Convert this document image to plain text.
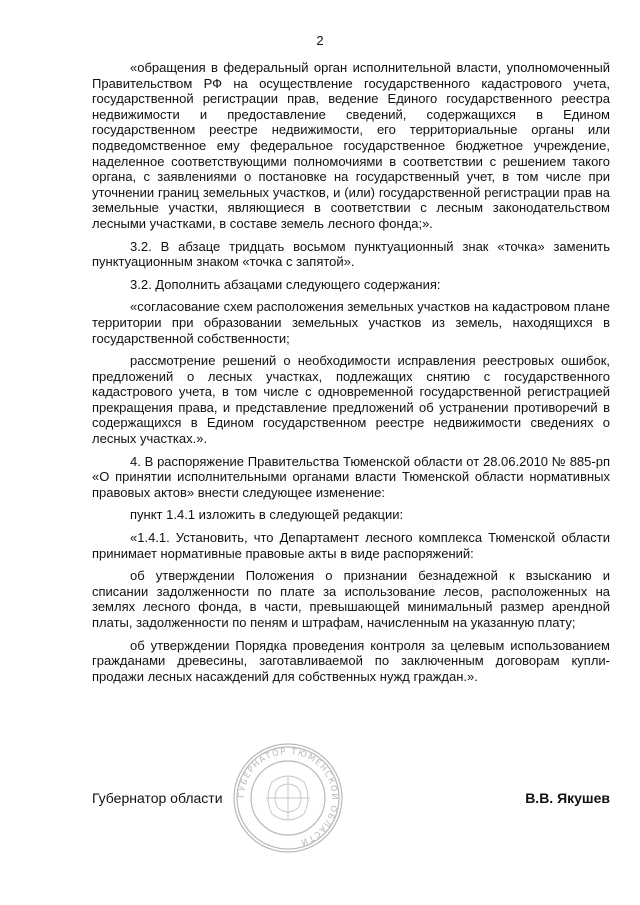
2

«обращения в федеральный орган исполнительной власти, уполномоченный Правительством РФ на осуществление государственного кадастрового учета, государственной регистрации прав, ведение Единого государственного реестра недвижимости и предоставление сведений, содержащихся в Едином государственном реестре недвижимости, его территориальные органы или подведомственное ему федеральное государственное бюджетное учреждение, наделенное соответствующими полномочиями в соответствии с решением такого органа, с заявлениями о постановке на государственный учет, в том числе при уточнении границ земельных участков, и (или) государственной регистрации прав на земельные участки, являющиеся в соответствии с лесным законодательством лесными участками, в составе земель лесного фонда;».

3.2. В абзаце тридцать восьмом пунктуационный знак «точка» заменить пунктуационным знаком «точка с запятой».

3.2. Дополнить абзацами следующего содержания:

«согласование схем расположения земельных участков на кадастровом плане территории при образовании земельных участков из земель, находящихся в государственной собственности;

рассмотрение решений о необходимости исправления реестровых ошибок, предложений о лесных участках, подлежащих снятию с государственного кадастрового учета, в том числе с одновременной государственной регистрацией прекращения права, и представление предложений об устранении противоречий в содержащихся в Едином государственном реестре недвижимости сведениях о лесных участках.».

4. В распоряжение Правительства Тюменской области от 28.06.2010 № 885-рп «О принятии исполнительными органами власти Тюменской области нормативных правовых актов» внести следующее изменение:

пункт 1.4.1 изложить в следующей редакции:

«1.4.1. Установить, что Департамент лесного комплекса Тюменской области принимает нормативные правовые акты в виде распоряжений:

об утверждении Положения о признании безнадежной к взысканию и списании задолженности по плате за использование лесов, расположенных на землях лесного фонда, в части, превышающей минимальный размер арендной платы, задолженности по пеням и штрафам, начисленным на указанную плату;

об утверждении Порядка проведения контроля за целевым использованием гражданами древесины, заготавливаемой по заключенным договорам купли-продажи лесных насаждений для собственных нужд граждан.».

ГУБЕРНАТОР ТЮМЕНСКОЙ ОБЛАСТИ
Губернатор области	В.В. Якушев
